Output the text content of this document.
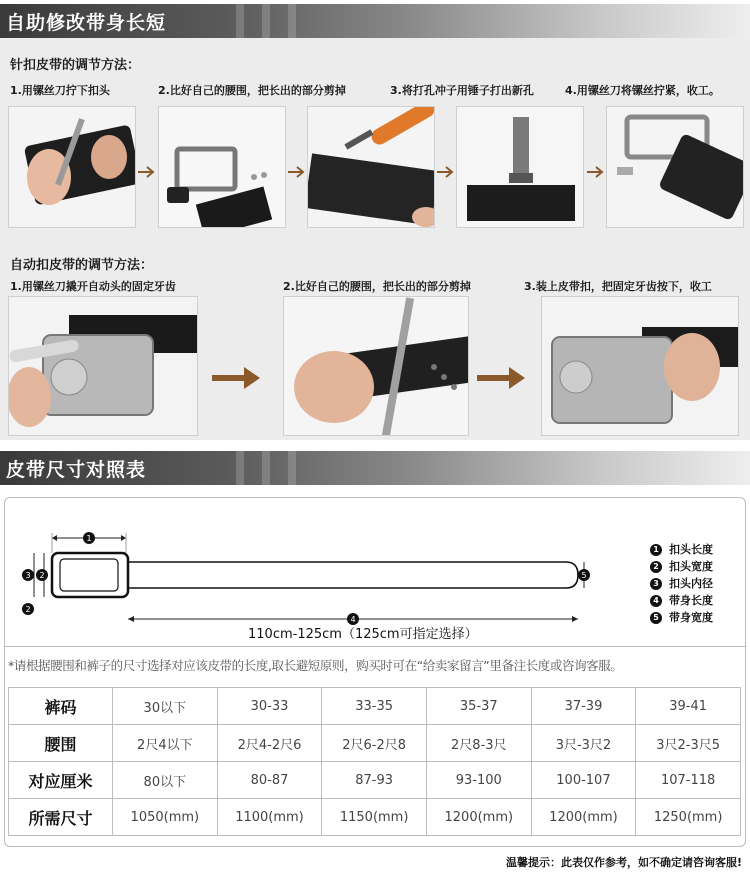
自助修改带身长短
针扣皮带的调节方法：
1.用镙丝刀拧下扣头	2.比好自己的腰围，把长出的部分剪掉	3.将打孔冲子用锤子打出新孔	4.用镙丝刀将镙丝拧紧，收工。
自动扣皮带的调节方法：
1.用镙丝刀撬开自动头的固定牙齿	2.比好自己的腰围，把长出的部分剪掉	3.装上皮带扣，把固定牙齿按下，收工
皮带尺寸对照表
1
3 2
2
5
4
110cm-125cm（125cm可指定选择）
1 扣头长度
2 扣头宽度
3 扣头内径
4 带身长度
5 带身宽度
*请根据腰围和裤子的尺寸选择对应该皮带的长度,取长避短原则，购买时可在“给卖家留言”里备注长度或咨询客服。
裤码	30以下	30-33	33-35	35-37	37-39	39-41
腰围	2尺4以下	2尺4-2尺6	2尺6-2尺8	2尺8-3尺	3尺-3尺2	3尺2-3尺5
对应厘米	80以下	80-87	87-93	93-100	100-107	107-118
所需尺寸	1050(mm)	1100(mm)	1150(mm)	1200(mm)	1200(mm)	1250(mm)
温馨提示：此表仅作参考，如不确定请咨询客服!
